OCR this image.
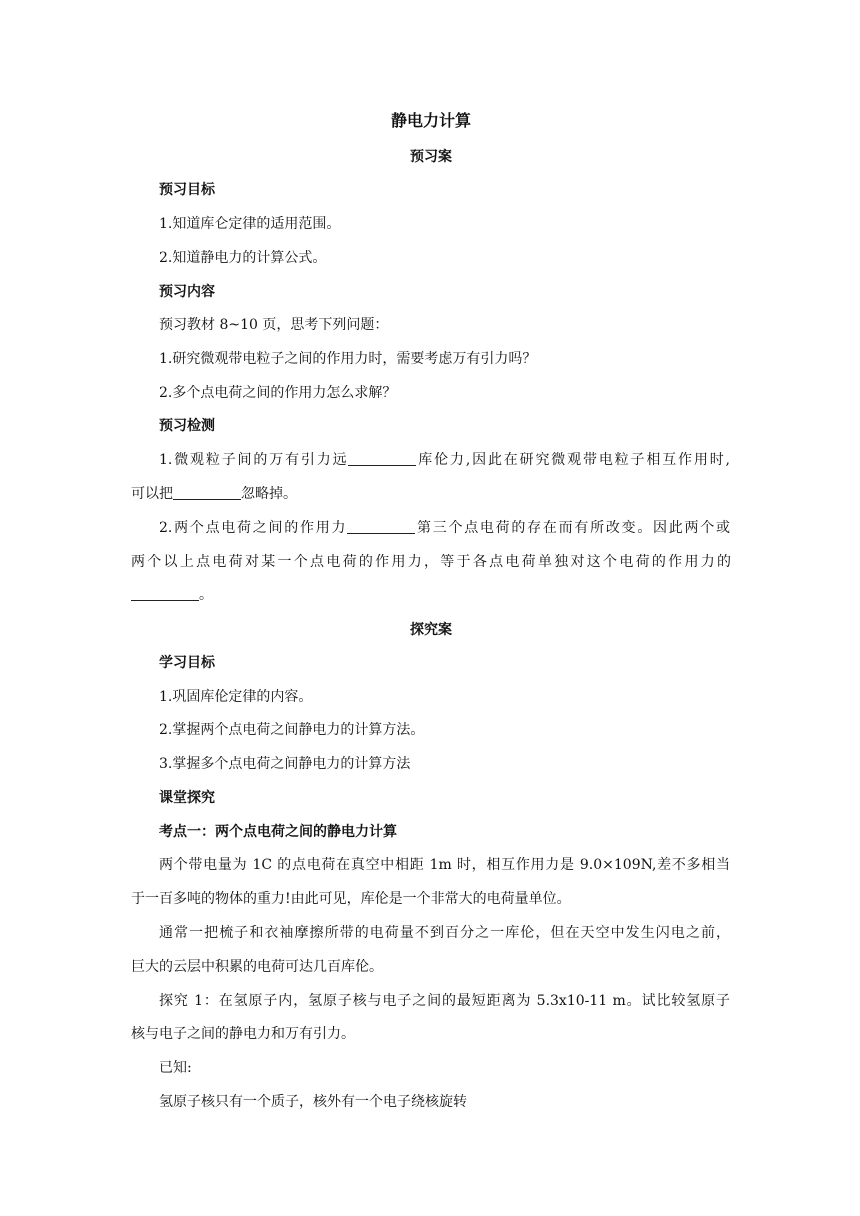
静电力计算
预习案
预习目标
1.知道库仑定律的适用范围。
2.知道静电力的计算公式。
预习内容
预习教材 8~10 页，思考下列问题：
1.研究微观带电粒子之间的作用力时，需要考虑万有引力吗？
2.多个点电荷之间的作用力怎么求解？
预习检测
1.微观粒子间的万有引力远	库伦力,因此在研究微观带电粒子相互作用时,
可以把	忽略掉。
2.两个点电荷之间的作用力	第三个点电荷的存在而有所改变。因此两个或
两个以上点电荷对某一个点电荷的作用力，等于各点电荷单独对这个电荷的作用力的
。
探究案
学习目标
1.巩固库伦定律的内容。
2.掌握两个点电荷之间静电力的计算方法。
3.掌握多个点电荷之间静电力的计算方法
课堂探究
考点一：两个点电荷之间的静电力计算
两个带电量为 1C 的点电荷在真空中相距 1m 时，相互作用力是 9.0×109N,差不多相当
于一百多吨的物体的重力!由此可见，库伦是一个非常大的电荷量单位。
通常一把梳子和衣袖摩擦所带的电荷量不到百分之一库伦，但在天空中发生闪电之前，
巨大的云层中积累的电荷可达几百库伦。
探究 1：在氢原子内，氢原子核与电子之间的最短距离为 5.3x10-11 m。试比较氢原子
核与电子之间的静电力和万有引力。
已知:
氢原子核只有一个质子，核外有一个电子绕核旋转
